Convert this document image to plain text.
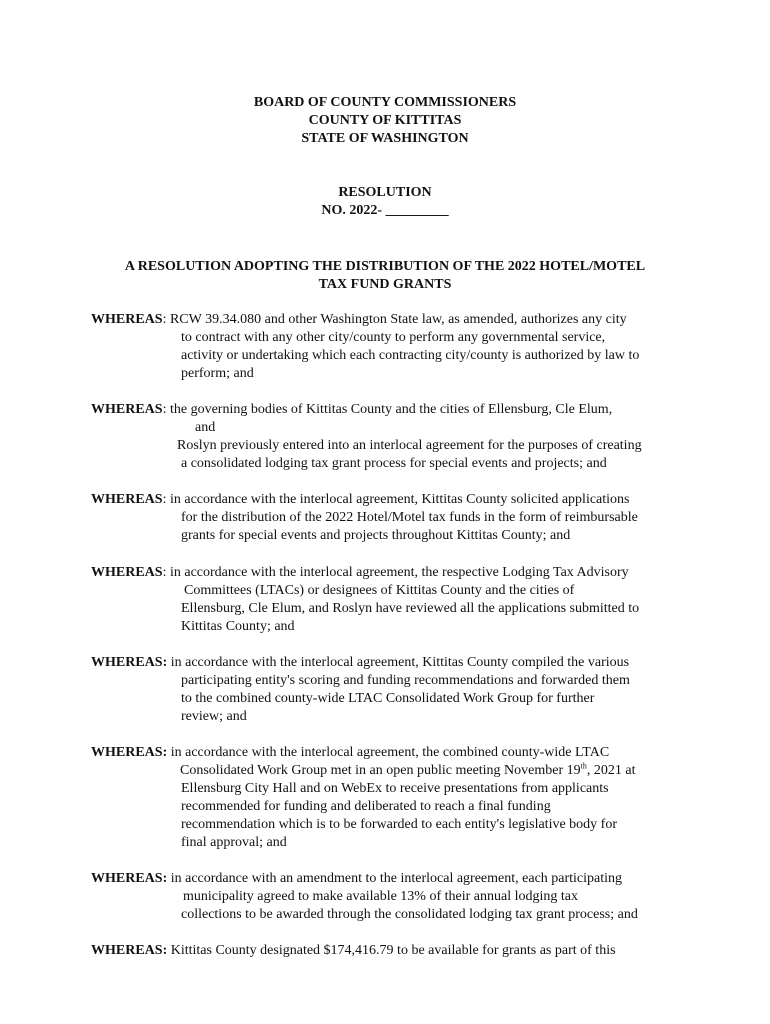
BOARD OF COUNTY COMMISSIONERS
COUNTY OF KITTITAS
STATE OF WASHINGTON
RESOLUTION
NO. 2022- _________
A RESOLUTION ADOPTING THE DISTRIBUTION OF THE 2022 HOTEL/MOTEL
TAX FUND GRANTS
WHEREAS: RCW 39.34.080 and other Washington State law, as amended, authorizes any city
to contract with any other city/county to perform any governmental service,
activity or undertaking which each contracting city/county is authorized by law to
perform; and
WHEREAS: the governing bodies of Kittitas County and the cities of Ellensburg, Cle Elum,
and
Roslyn previously entered into an interlocal agreement for the purposes of creating
a consolidated lodging tax grant process for special events and projects; and
WHEREAS: in accordance with the interlocal agreement, Kittitas County solicited applications
for the distribution of the 2022 Hotel/Motel tax funds in the form of reimbursable
grants for special events and projects throughout Kittitas County; and
WHEREAS: in accordance with the interlocal agreement, the respective Lodging Tax Advisory
Committees (LTACs) or designees of Kittitas County and the cities of
Ellensburg, Cle Elum, and Roslyn have reviewed all the applications submitted to
Kittitas County; and
WHEREAS: in accordance with the interlocal agreement, Kittitas County compiled the various
participating entity's scoring and funding recommendations and forwarded them
to the combined county-wide LTAC Consolidated Work Group for further
review; and
WHEREAS: in accordance with the interlocal agreement, the combined county-wide LTAC
Consolidated Work Group met in an open public meeting November 19th, 2021 at
Ellensburg City Hall and on WebEx to receive presentations from applicants
recommended for funding and deliberated to reach a final funding
recommendation which is to be forwarded to each entity's legislative body for
final approval; and
WHEREAS: in accordance with an amendment to the interlocal agreement, each participating
municipality agreed to make available 13% of their annual lodging tax
collections to be awarded through the consolidated lodging tax grant process; and
WHEREAS: Kittitas County designated $174,416.79 to be available for grants as part of this
